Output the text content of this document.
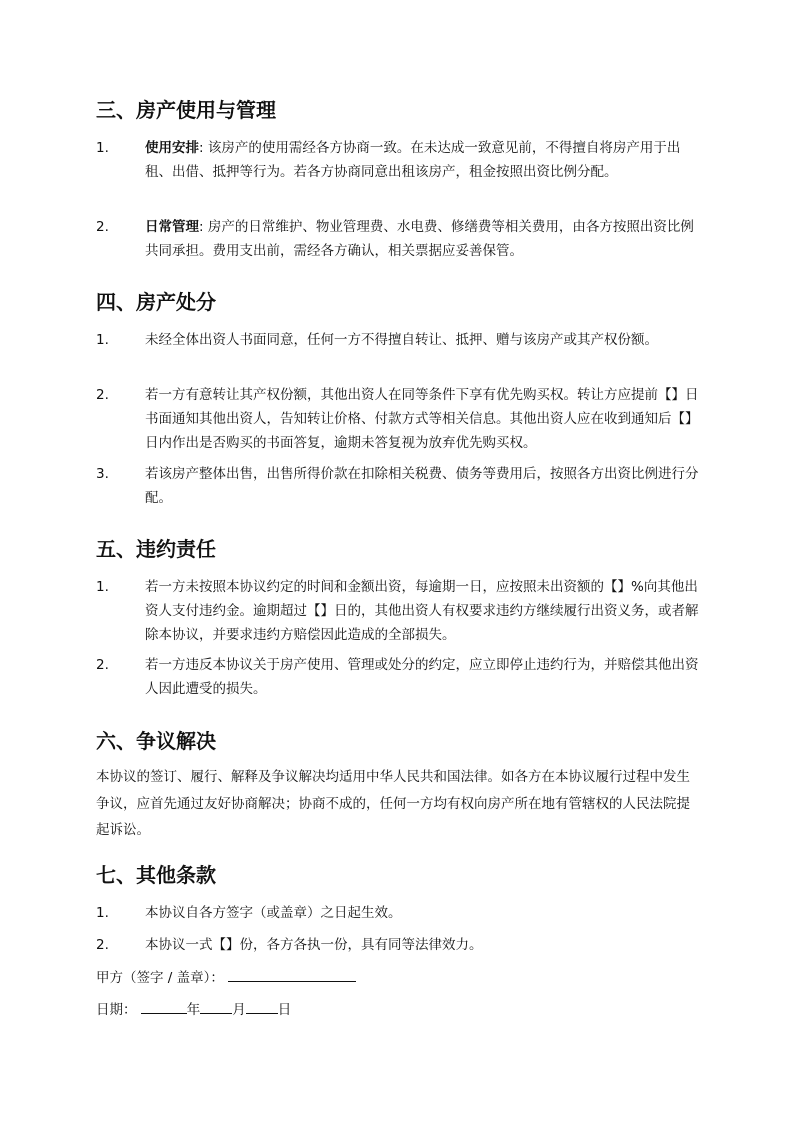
三、房产使用与管理
1.	使用安排: 该房产的使用需经各方协商一致。在未达成一致意见前，不得擅自将房产用于出租、出借、抵押等行为。若各方协商同意出租该房产，租金按照出资比例分配。
2.	日常管理: 房产的日常维护、物业管理费、水电费、修缮费等相关费用，由各方按照出资比例共同承担。费用支出前，需经各方确认，相关票据应妥善保管。
四、房产处分
1.	未经全体出资人书面同意，任何一方不得擅自转让、抵押、赠与该房产或其产权份额。
2.	若一方有意转让其产权份额，其他出资人在同等条件下享有优先购买权。转让方应提前【】日书面通知其他出资人，告知转让价格、付款方式等相关信息。其他出资人应在收到通知后【】日内作出是否购买的书面答复，逾期未答复视为放弃优先购买权。
3.	若该房产整体出售，出售所得价款在扣除相关税费、债务等费用后，按照各方出资比例进行分配。
五、违约责任
1.	若一方未按照本协议约定的时间和金额出资，每逾期一日，应按照未出资额的【】%向其他出资人支付违约金。逾期超过【】日的，其他出资人有权要求违约方继续履行出资义务，或者解除本协议，并要求违约方赔偿因此造成的全部损失。
2.	若一方违反本协议关于房产使用、管理或处分的约定，应立即停止违约行为，并赔偿其他出资人因此遭受的损失。
六、争议解决

本协议的签订、履行、解释及争议解决均适用中华人民共和国法律。如各方在本协议履行过程中发生争议，应首先通过友好协商解决；协商不成的，任何一方均有权向房产所在地有管辖权的人民法院提起诉讼。

七、其他条款
1.	本协议自各方签字（或盖章）之日起生效。
2.	本协议一式【】份，各方各执一份，具有同等法律效力。
甲方（签字 / 盖章）：
日期：	年 月 日
